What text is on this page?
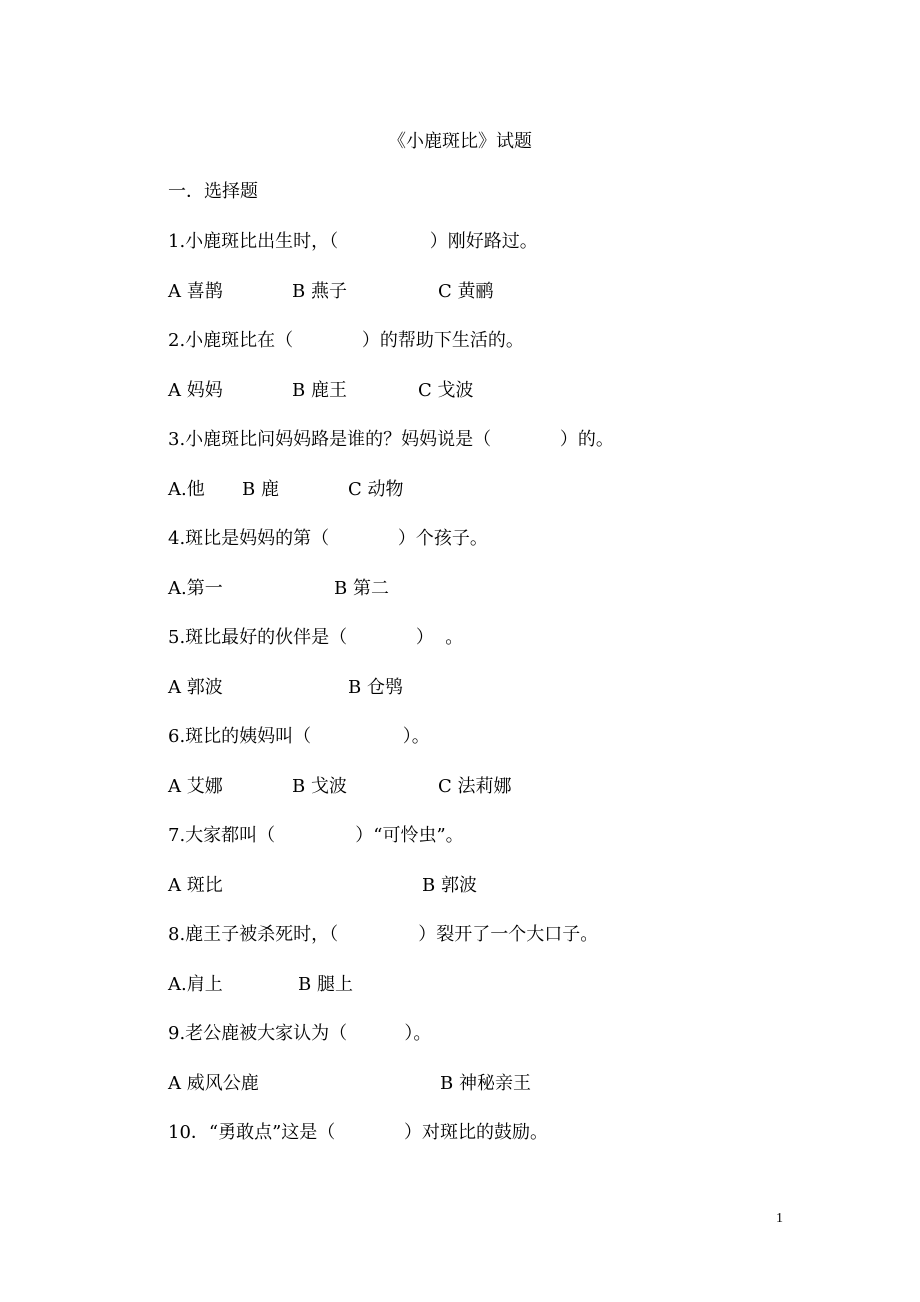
《小鹿斑比》试题
一．选择题
1.小鹿斑比出生时，（                ）刚好路过。
A 喜鹊	B 燕子	C 黄鹂
2.小鹿斑比在（            ）的帮助下生活的。
A 妈妈	B 鹿王	C 戈波
3.小鹿斑比问妈妈路是谁的？妈妈说是（            ）的。
A.他 B 鹿	C 动物
4.斑比是妈妈的第（            ）个孩子。
A.第一	B 第二
5.斑比最好的伙伴是（            ）  。
A 郭波	B 仓鸮
6.斑比的姨妈叫（                ）。
A 艾娜	B 戈波	C 法莉娜
7.大家都叫（              ）“可怜虫”。
A 斑比	B 郭波
8.鹿王子被杀死时，（              ）裂开了一个大口子。
A.肩上	B 腿上
9.老公鹿被大家认为（          ）。
A 威风公鹿	B 神秘亲王
10．“勇敢点”这是（            ）对斑比的鼓励。
1
